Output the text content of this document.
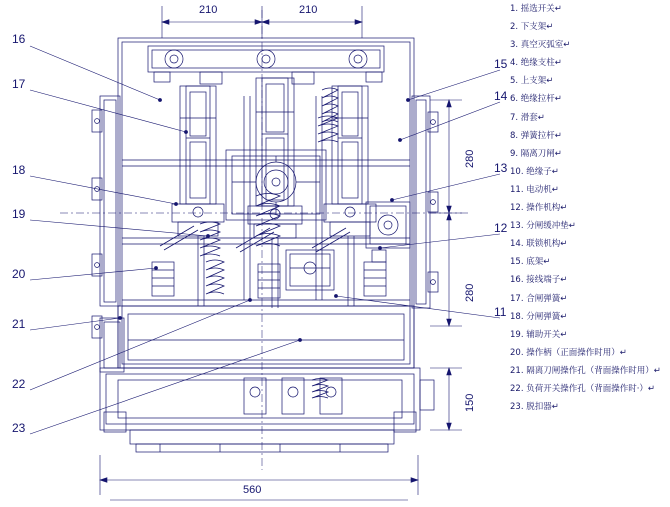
1. 摇选开关↵
2. 下支架↵
3. 真空灭弧室↵
4. 绝缘支柱↵
5. 上支架↵
6. 绝缘拉杆↵
7. 滑套↵
8. 弹簧拉杆↵
9. 隔离刀闸↵
10. 绝缘子↵
11. 电动机↵
12. 操作机构↵
13. 分闸缓冲垫↵
14. 联锁机构↵
15. 底架↵
16. 接线端子↵
17. 合闸弹簧↵
18. 分闸弹簧↵
19. 辅助开关↵
20. 操作柄（正面操作时用）↵
21. 隔离刀闸操作孔（背面操作时用）↵
22. 负荷开关操作孔（背面操作时·）↵
23. 脱扣器↵
210	210
280
280
150
560
16
17
18
19
20
21
22
23
15
14
13
12
11
